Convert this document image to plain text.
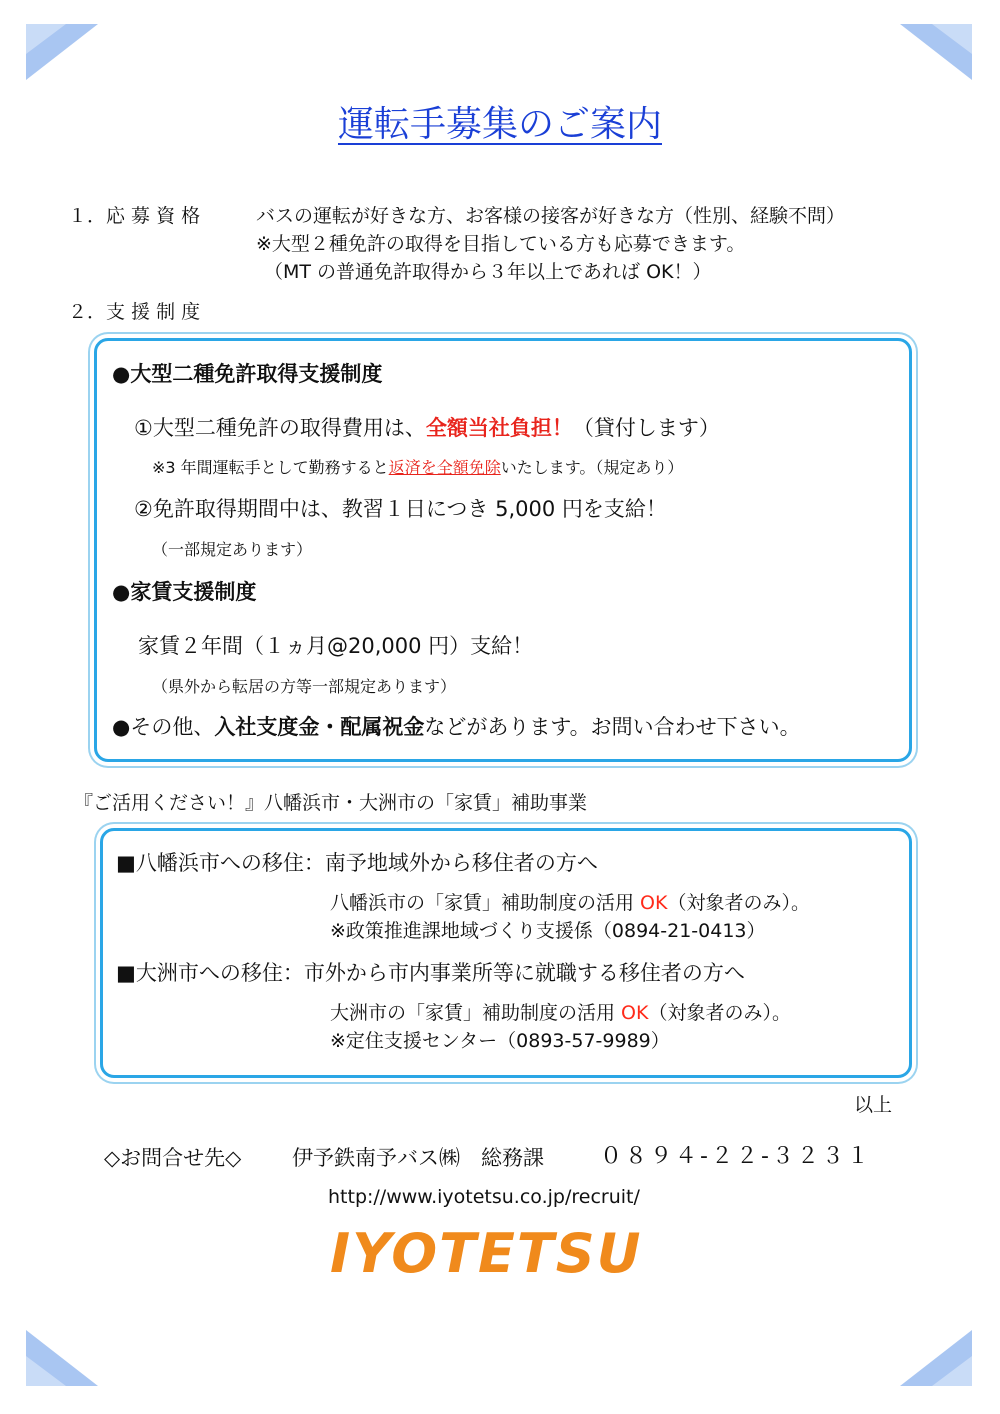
運転手募集のご案内
１．応 募 資 格	バスの運転が好きな方、お客様の接客が好きな方（性別、経験不問）
※大型２種免許の取得を目指している方も応募できます。
（MT の普通免許取得から３年以上であれば OK！）
２．支 援 制 度
●大型二種免許取得支援制度
①大型二種免許の取得費用は、全額当社負担！（貸付します）
※3 年間運転手として勤務すると返済を全額免除いたします。（規定あり）
②免許取得期間中は、教習１日につき 5,000 円を支給！
（一部規定あります）
●家賃支援制度
家賃２年間（１ヵ月@20,000 円）支給！
（県外から転居の方等一部規定あります）
●その他、入社支度金・配属祝金などがあります。お問い合わせ下さい。
『ご活用ください！』八幡浜市・大洲市の「家賃」補助事業
■八幡浜市への移住：南予地域外から移住者の方へ
八幡浜市の「家賃」補助制度の活用 OK（対象者のみ）。
※政策推進課地域づくり支援係（0894-21-0413）
■大洲市への移住：市外から市内事業所等に就職する移住者の方へ
大洲市の「家賃」補助制度の活用 OK（対象者のみ）。
※定住支援センター（0893-57-9989）
以上
◇お問合せ先◇ 伊予鉄南予バス㈱　総務課	０８９４-２２-３２３１
http://www.iyotetsu.co.jp/recruit/
IYOTETSU
